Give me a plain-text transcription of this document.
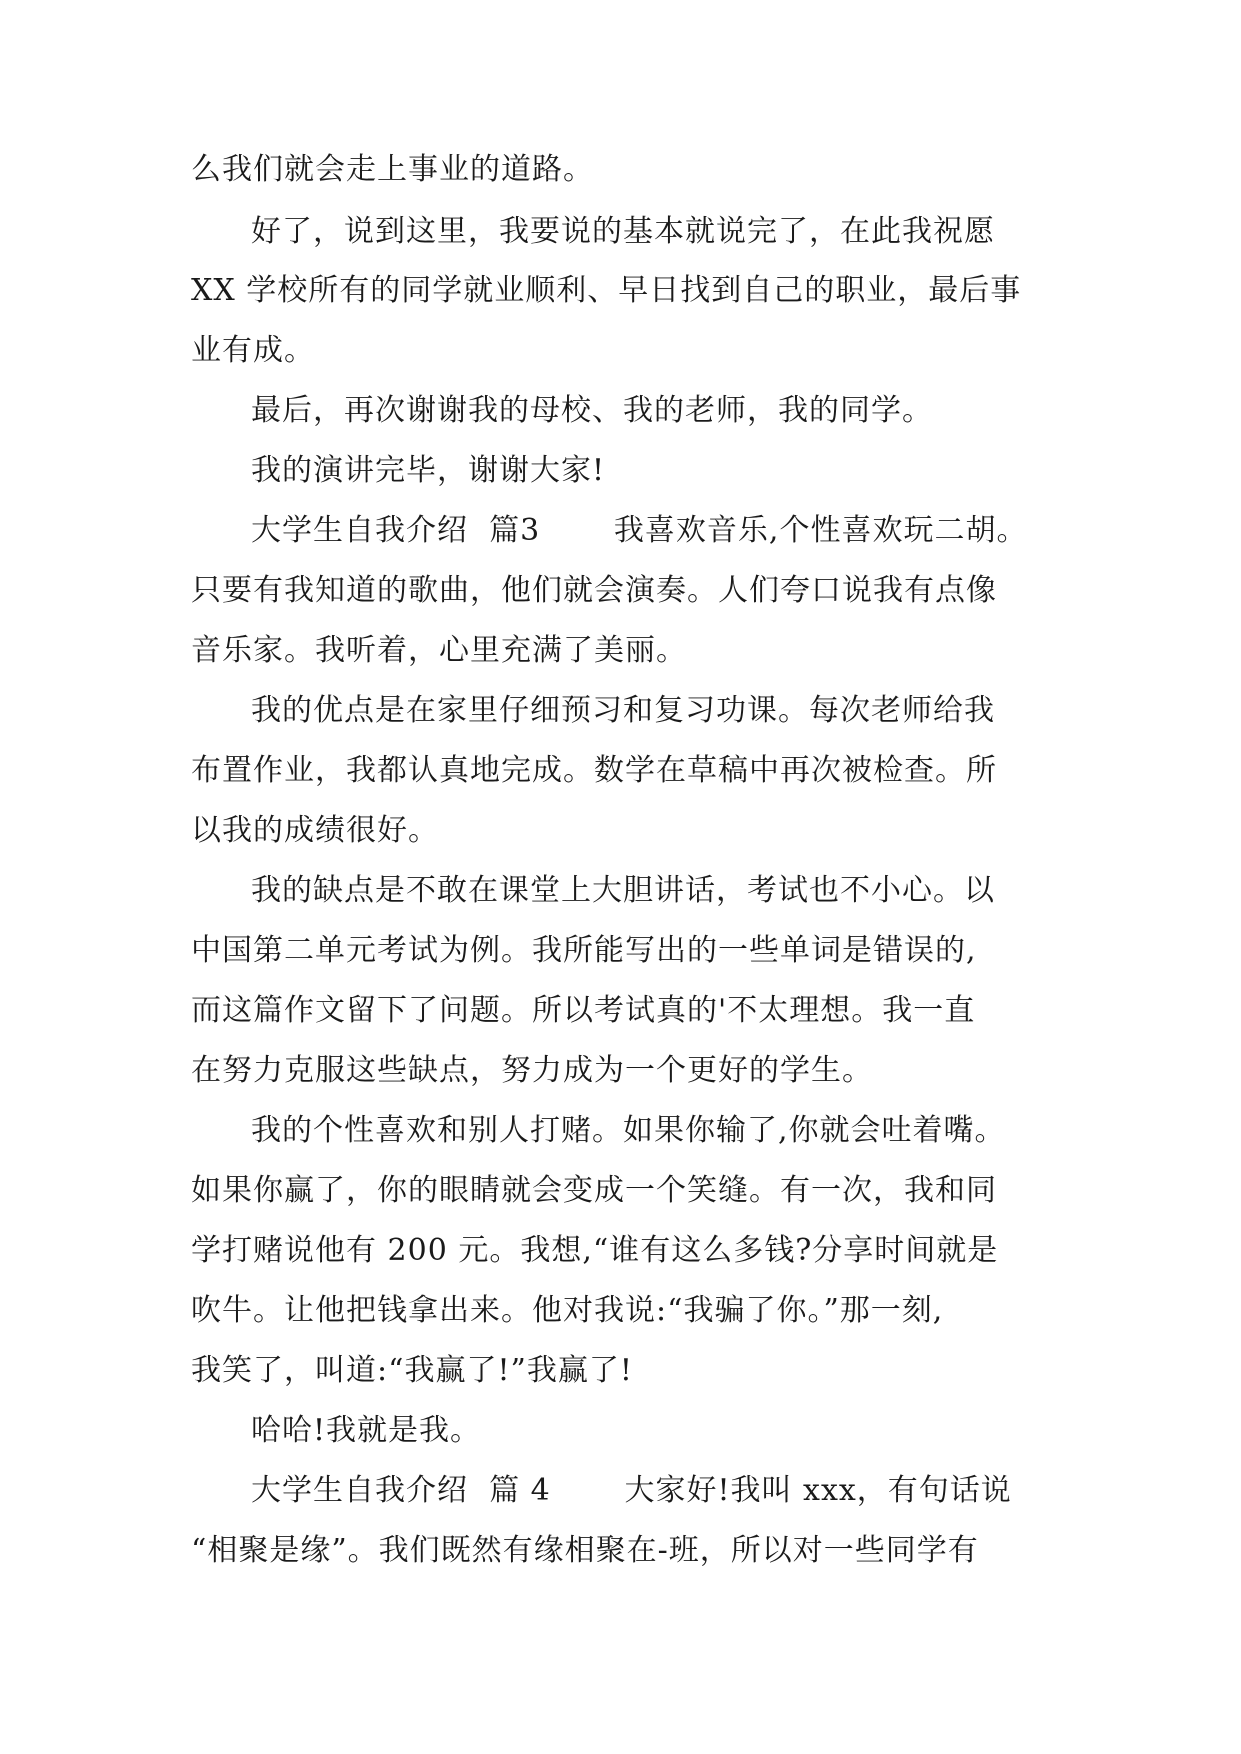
么我们就会走上事业的道路。
好了，说到这里，我要说的基本就说完了，在此我祝愿
XX 学校所有的同学就业顺利、早日找到自己的职业，最后事
业有成。
最后，再次谢谢我的母校、我的老师，我的同学。
我的演讲完毕，谢谢大家!
大学生自我介绍  篇3       我喜欢音乐,个性喜欢玩二胡。
只要有我知道的歌曲，他们就会演奏。人们夸口说我有点像
音乐家。我听着，心里充满了美丽。
我的优点是在家里仔细预习和复习功课。每次老师给我
布置作业，我都认真地完成。数学在草稿中再次被检查。所
以我的成绩很好。
我的缺点是不敢在课堂上大胆讲话，考试也不小心。以
中国第二单元考试为例。我所能写出的一些单词是错误的,
而这篇作文留下了问题。所以考试真的'不太理想。我一直
在努力克服这些缺点，努力成为一个更好的学生。
我的个性喜欢和别人打赌。如果你输了,你就会吐着嘴。
如果你赢了，你的眼睛就会变成一个笑缝。有一次，我和同
学打赌说他有 200 元。我想,“谁有这么多钱?分享时间就是
吹牛。让他把钱拿出来。他对我说:“我骗了你。”那一刻,
我笑了，叫道:“我赢了!”我赢了!
哈哈!我就是我。
大学生自我介绍  篇 4       大家好!我叫 xxx，有句话说
“相聚是缘”。我们既然有缘相聚在-班，所以对一些同学有
